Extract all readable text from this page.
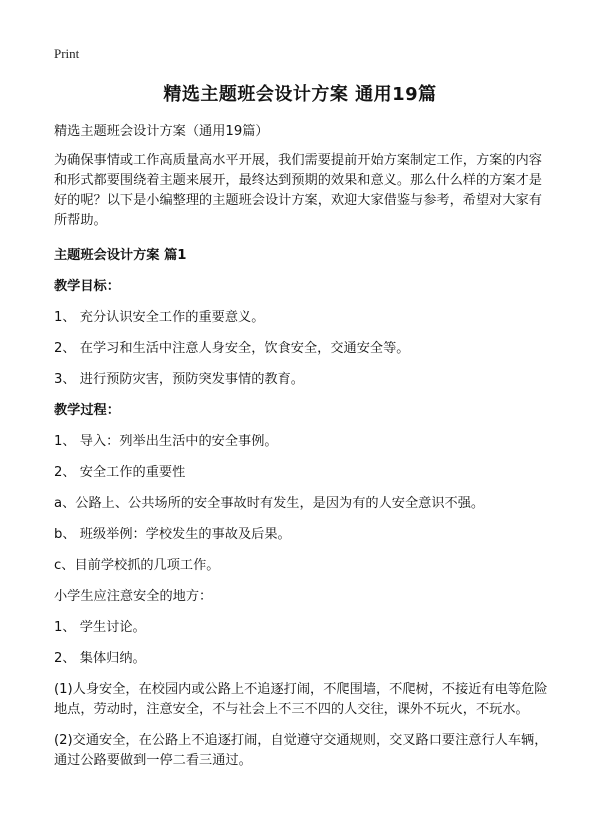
Print
精选主题班会设计方案 通用19篇

精选主题班会设计方案（通用19篇）

为确保事情或工作高质量高水平开展，我们需要提前开始方案制定工作，方案的内容和形式都要围绕着主题来展开，最终达到预期的效果和意义。那么什么样的方案才是好的呢？以下是小编整理的主题班会设计方案，欢迎大家借鉴与参考，希望对大家有所帮助。

主题班会设计方案 篇1

教学目标：

1、 充分认识安全工作的重要意义。

2、 在学习和生活中注意人身安全，饮食安全，交通安全等。

3、 进行预防灾害，预防突发事情的教育。

教学过程：

1、 导入：列举出生活中的安全事例。

2、 安全工作的重要性

a、公路上、公共场所的安全事故时有发生，是因为有的人安全意识不强。

b、 班级举例：学校发生的事故及后果。

c、目前学校抓的几项工作。

小学生应注意安全的地方：

1、 学生讨论。

2、 集体归纳。

(1)人身安全，在校园内或公路上不追逐打闹，不爬围墙，不爬树，不接近有电等危险地点，劳动时，注意安全，不与社会上不三不四的人交往，课外不玩火，不玩水。

(2)交通安全，在公路上不追逐打闹，自觉遵守交通规则，交叉路口要注意行人车辆，通过公路要做到一停二看三通过。
